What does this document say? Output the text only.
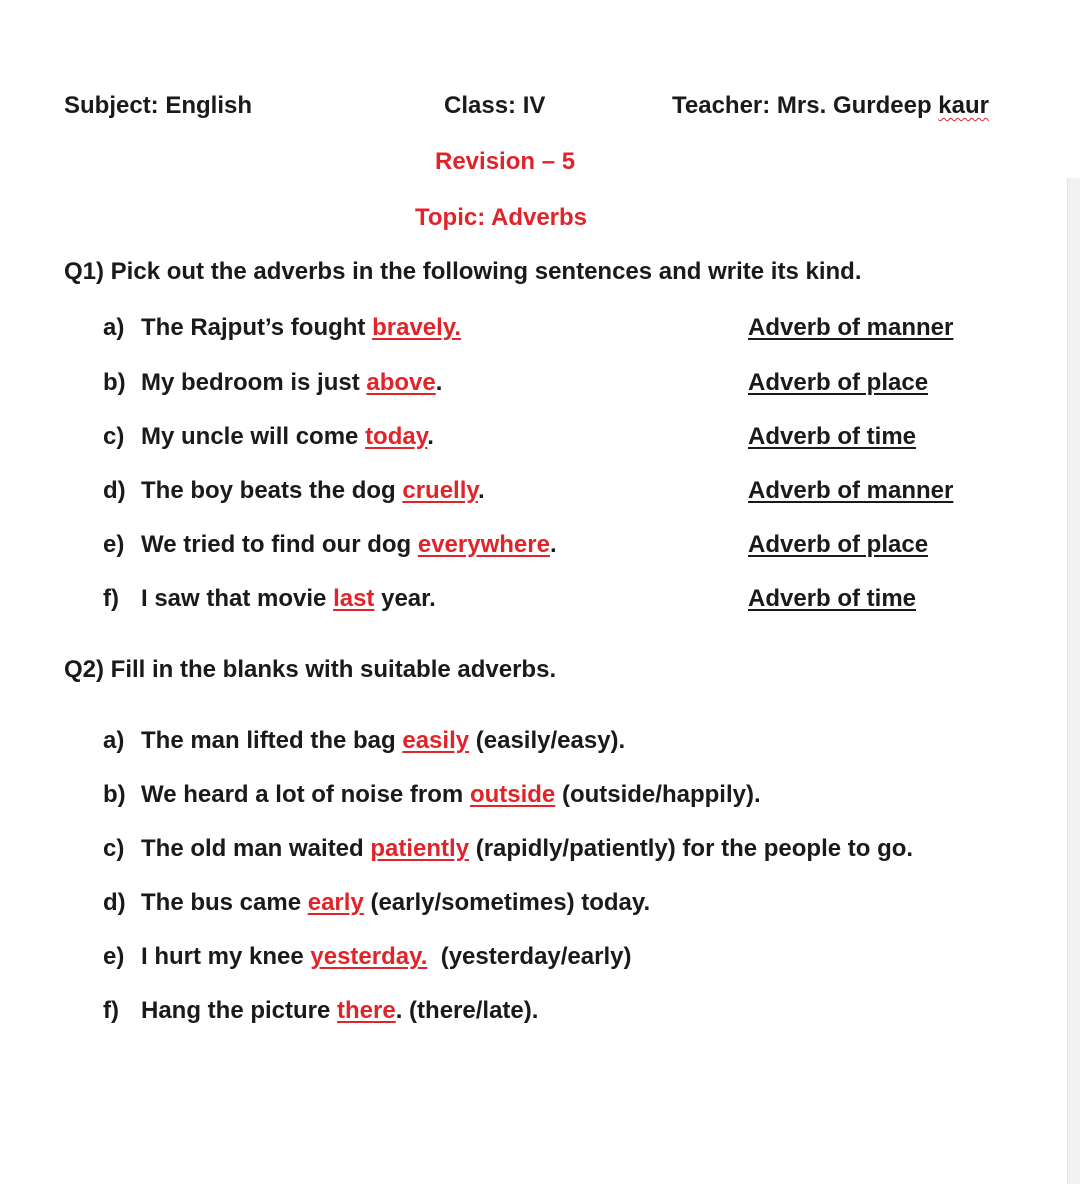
Subject: English	Class: IV	Teacher: Mrs. Gurdeep kaur
Revision – 5
Topic: Adverbs
Q1) Pick out the adverbs in the following sentences and write its kind.
a) The Rajput’s fought bravely.	Adverb of manner
b) My bedroom is just above.	Adverb of place
c) My uncle will come today.	Adverb of time
d) The boy beats the dog cruelly.	Adverb of manner
e) We tried to find our dog everywhere.	Adverb of place
f) I saw that movie last year.	Adverb of time
Q2) Fill in the blanks with suitable adverbs.
a) The man lifted the bag easily (easily/easy).
b) We heard a lot of noise from outside (outside/happily).
c) The old man waited patiently (rapidly/patiently) for the people to go.
d) The bus came early (early/sometimes) today.
e) I hurt my knee yesterday.  (yesterday/early)
f) Hang the picture there. (there/late).
